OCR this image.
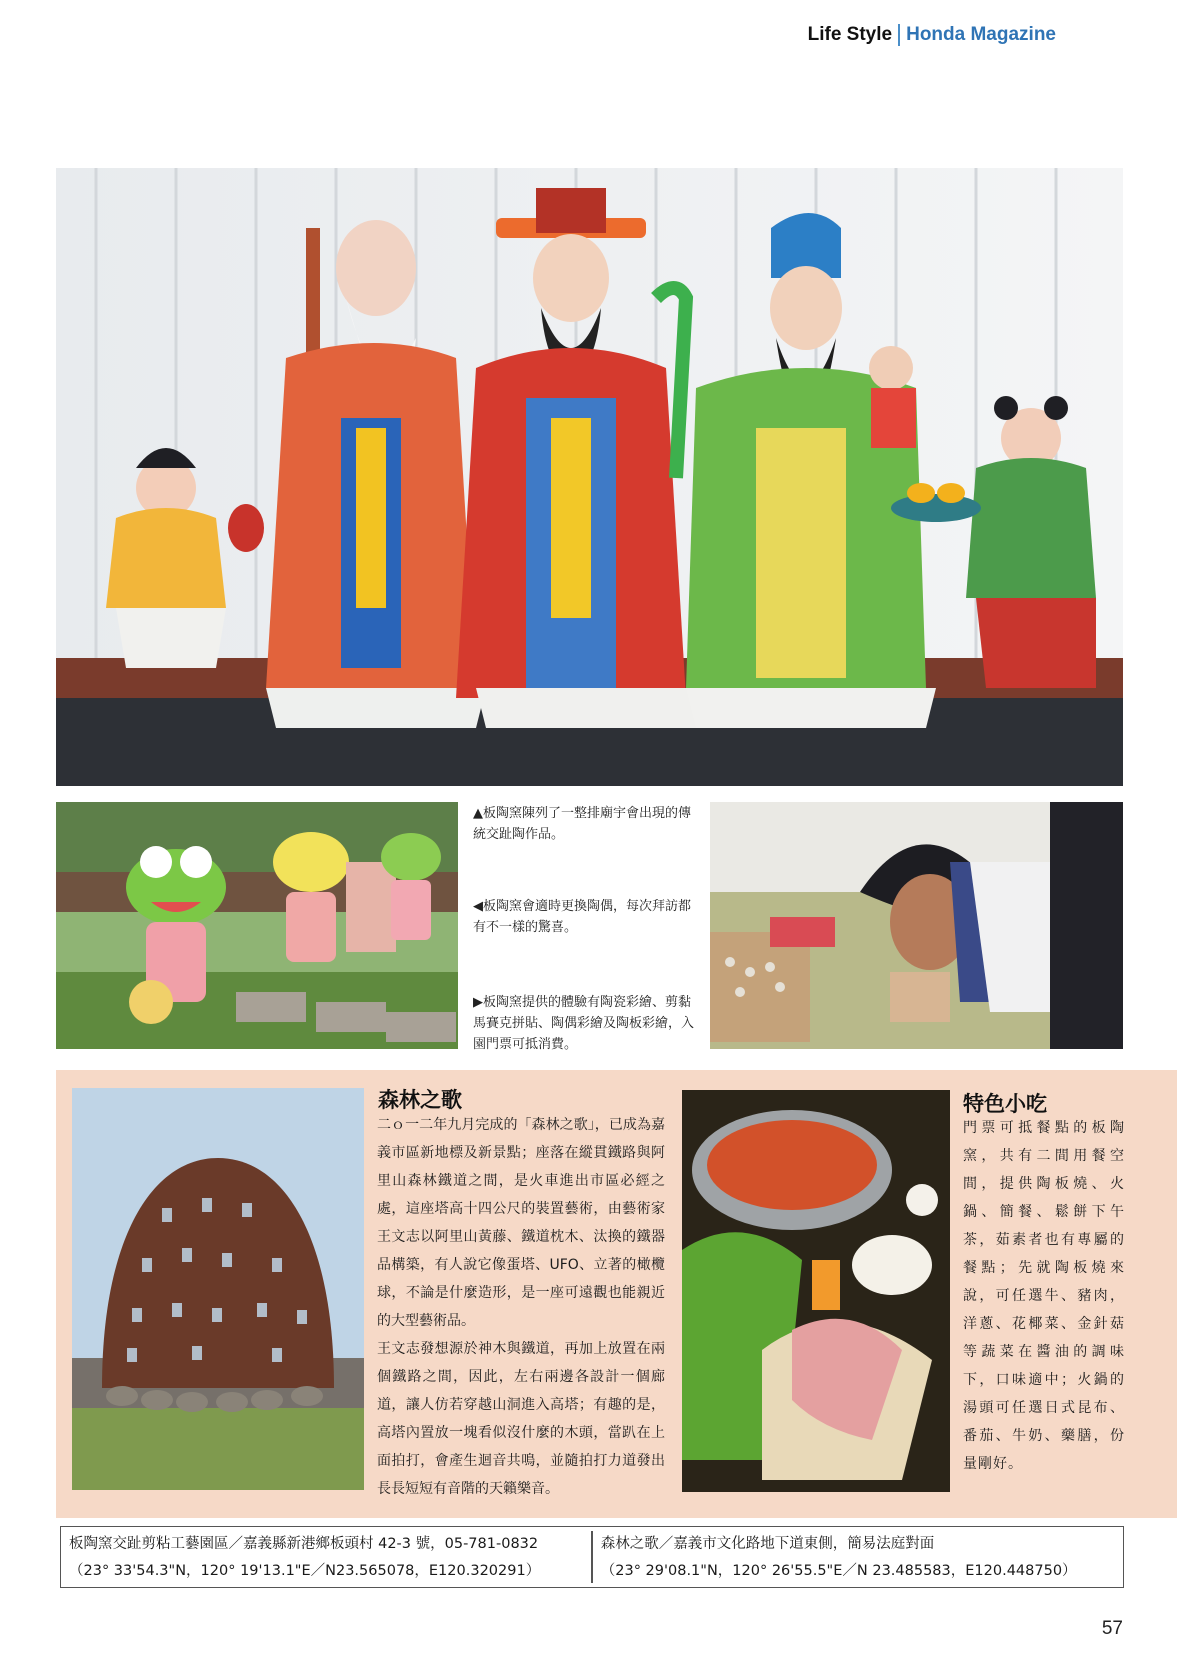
Life Style Honda Magazine
▲板陶窯陳列了一整排廟宇會出現的傳統交趾陶作品。
◀板陶窯會適時更換陶偶，每次拜訪都有不一樣的驚喜。
▶板陶窯提供的體驗有陶瓷彩繪、剪黏馬賽克拼貼、陶偶彩繪及陶板彩繪，入園門票可抵消費。
森林之歌

二ｏ一二年九月完成的「森林之歌」，已成為嘉義市區新地標及新景點；座落在縱貫鐵路與阿里山森林鐵道之間，是火車進出市區必經之處，這座塔高十四公尺的裝置藝術，由藝術家王文志以阿里山黃藤、鐵道枕木、汰換的鐵器品構築，有人說它像蛋塔、UFO、立著的橄欖球，不論是什麼造形，是一座可遠觀也能親近的大型藝術品。

王文志發想源於神木與鐵道，再加上放置在兩個鐵路之間，因此，左右兩邊各設計一個廊道，讓人仿若穿越山洞進入高塔；有趣的是，高塔內置放一塊看似沒什麼的木頭，當趴在上面拍打，會產生迴音共鳴，並隨拍打力道發出長長短短有音階的天籟樂音。

特色小吃

門票可抵餐點的板陶窯，共有二間用餐空間，提供陶板燒、火鍋、簡餐、鬆餅下午茶，茹素者也有專屬的餐點；先就陶板燒來說，可任選牛、豬肉，洋蔥、花椰菜、金針菇等蔬菜在醬油的調味下，口味適中；火鍋的湯頭可任選日式昆布、番茄、牛奶、藥膳，份量剛好。

板陶窯交趾剪粘工藝園區／嘉義縣新港鄉板頭村 42-3 號，05-781-0832
（23° 33'54.3"N，120° 19'13.1"E／N23.565078，E120.320291）
森林之歌／嘉義市文化路地下道東側，簡易法庭對面
（23° 29'08.1"N，120° 26'55.5"E／N 23.485583，E120.448750）
57
